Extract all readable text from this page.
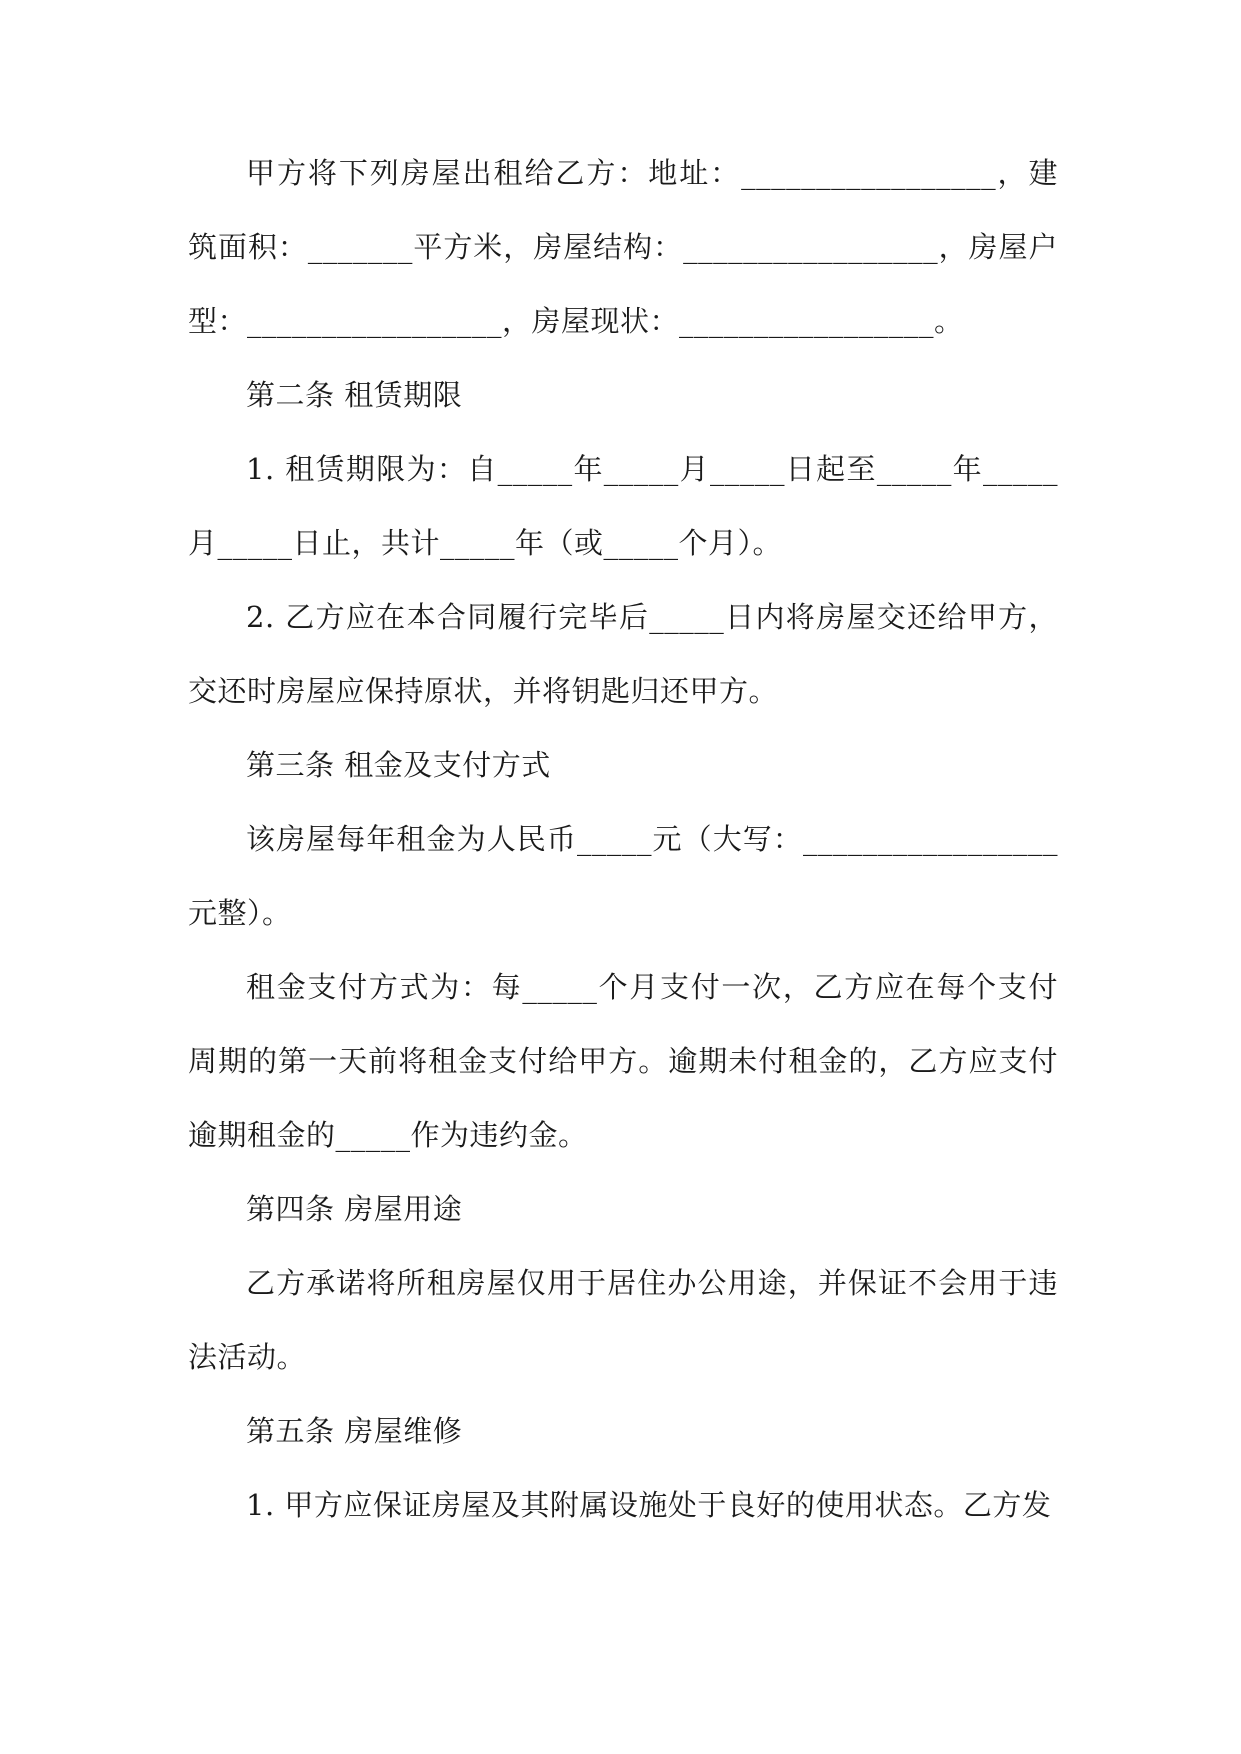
甲方将下列房屋出租给乙方：地址：_________________，建筑面积：_______平方米，房屋结构：_________________，房屋户型：_________________，房屋现状：_________________。

第二条 租赁期限

1. 租赁期限为：自_____年_____月_____日起至_____年_____月_____日止，共计_____年（或_____个月）。

2. 乙方应在本合同履行完毕后_____日内将房屋交还给甲方，交还时房屋应保持原状，并将钥匙归还甲方。

第三条 租金及支付方式

该房屋每年租金为人民币_____元（大写：_________________元整）。

租金支付方式为：每_____个月支付一次，乙方应在每个支付周期的第一天前将租金支付给甲方。逾期未付租金的，乙方应支付逾期租金的_____作为违约金。

第四条 房屋用途

乙方承诺将所租房屋仅用于居住办公用途，并保证不会用于违法活动。

第五条 房屋维修

1. 甲方应保证房屋及其附属设施处于良好的使用状态。乙方发
